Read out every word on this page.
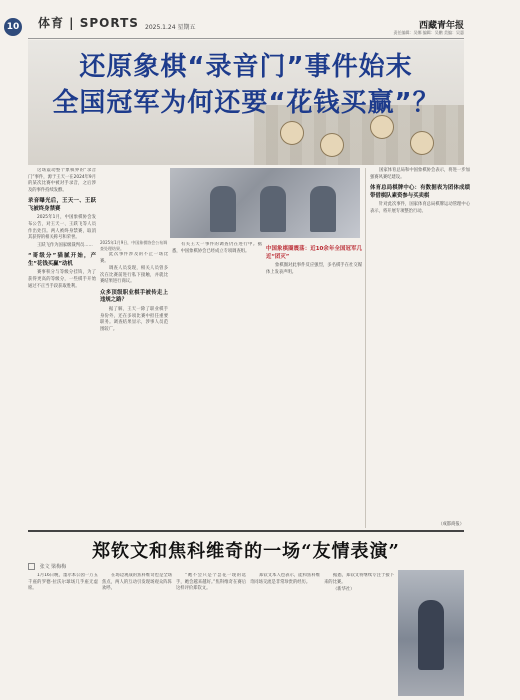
10 体育 | SPORTS 2025.1.24 星期五	西藏青年报
责任编辑：吴娜 编辑：吴鹏 美编：吴惠
还原象棋“录音门”事件始末
全国冠军为何还要“花钱买赢”？

这场震动整个象棋界的“录音门”事件，源于王天一在2024年9月的某次比赛中被对手录音，之后涉及的事件持续发酵。

录音曝光后，王天一、王跃飞被终身禁赛

2025年1月，中国象棋协会发布公告，对王天一、王跃飞等人员作出处罚。两人被终身禁赛，取消其获得的相关称号和荣誉。

王跃飞作为国家级裁判员……

“哥级分”猫腻开始，产生“花钱买赢”动机

赛事积分与等级分挂钩，为了获得更高的等级分，一些棋手开始通过不正当手段获取胜利。

2025年1月9日，中国象棋协会公布调查处理结果。

此次事件涉及的不止一场比赛。

调查人员发现，相关人员曾多次在比赛前进行私下接触，并就比赛结果进行商议。

众多顶级职业棋手被传走上违规之路？

据了解，王天一除了职业棋手身份外，还在多项比赛中担任重要职务。调查结果显示，涉事人员范围较广。

有关王天一事件的调查仍在进行中。据悉，中国象棋协会已经成立专项调查组。	中国象棋圈震荡：近10余年全国冠军几近“团灭”

象棋圈对此事件反应强烈，多名棋手在社交媒体上发表声明。

国家体育总局和中国象棋协会表示，将进一步加强赛风赛纪建设。

体育总局棋牌中心：有数据表为团体成绩带借棋队素资参与买卖棋

针对此次事件，国家体育总局棋牌运动管理中心表示，将开展专项整治行动。

（成都商报）
郑钦文和焦科维奇的一场“友情表演”
张文 梁梅梅

1月16日晚，墨尔本公园一万五千座的罗德·拉沃尔球场几乎座无虚席。

在场边观战的焦科维奇也是全场焦点，两人的互动引发现场观众阵阵欢呼。

“她不会只是个昙花一现的选手，她会越来越好。”焦科维奇在赛后这样评价郑钦文。

郑钦文本人也表示，能和焦科维奇同场交流是非常珍贵的经历。

据悉，郑钦文将继续专注于接下来的比赛。

（新华社）
